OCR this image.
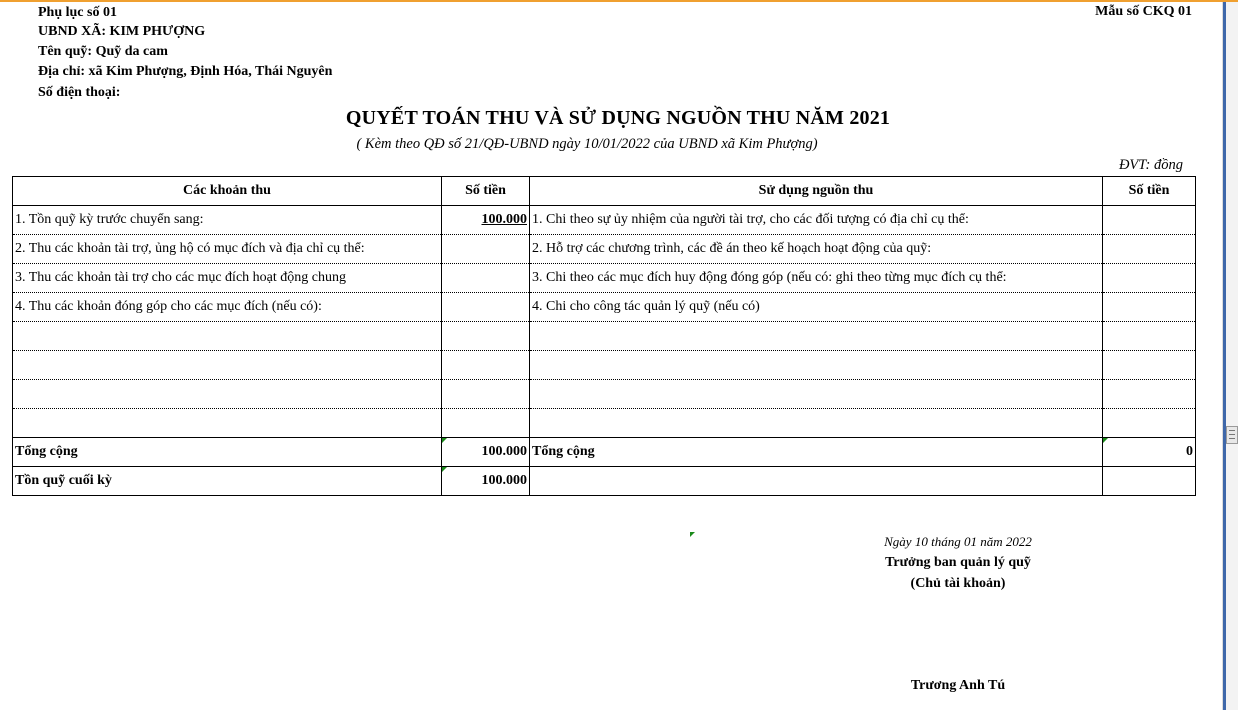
Phụ lục số 01
UBND XÃ: KIM PHƯỢNG
Tên quỹ: Quỹ da cam
Địa chỉ: xã Kim Phượng, Định Hóa, Thái Nguyên
Số điện thoại:
Mẫu số CKQ 01
QUYẾT TOÁN THU VÀ SỬ DỤNG NGUỒN THU NĂM 2021
( Kèm theo QĐ số 21/QĐ-UBND ngày 10/01/2022 của UBND xã Kim Phượng)
ĐVT: đồng
Các khoản thu	Số tiền	Sử dụng nguồn thu	Số tiền
1. Tồn quỹ kỳ trước chuyển sang:	100.000	1. Chi theo sự ủy nhiệm của người tài trợ, cho các đối tượng có địa chỉ cụ thể:	
2. Thu các khoản tài trợ, ủng hộ có mục đích và địa chỉ cụ thể:		2. Hỗ trợ các chương trình, các đề án theo kế hoạch hoạt động của quỹ:	
3. Thu các khoản tài trợ cho các mục đích hoạt động chung		3. Chi theo các mục đích huy động đóng góp (nếu có: ghi theo từng mục đích cụ thể:	
4. Thu các khoản đóng góp cho các mục đích (nếu có):		4. Chi cho công tác quản lý quỹ (nếu có)	

Tổng cộng	100.000	Tổng cộng	0
Tồn quỹ cuối kỳ	100.000		
Ngày 10 tháng 01 năm 2022
Trưởng ban quản lý quỹ
(Chủ tài khoản)
Trương Anh Tú
